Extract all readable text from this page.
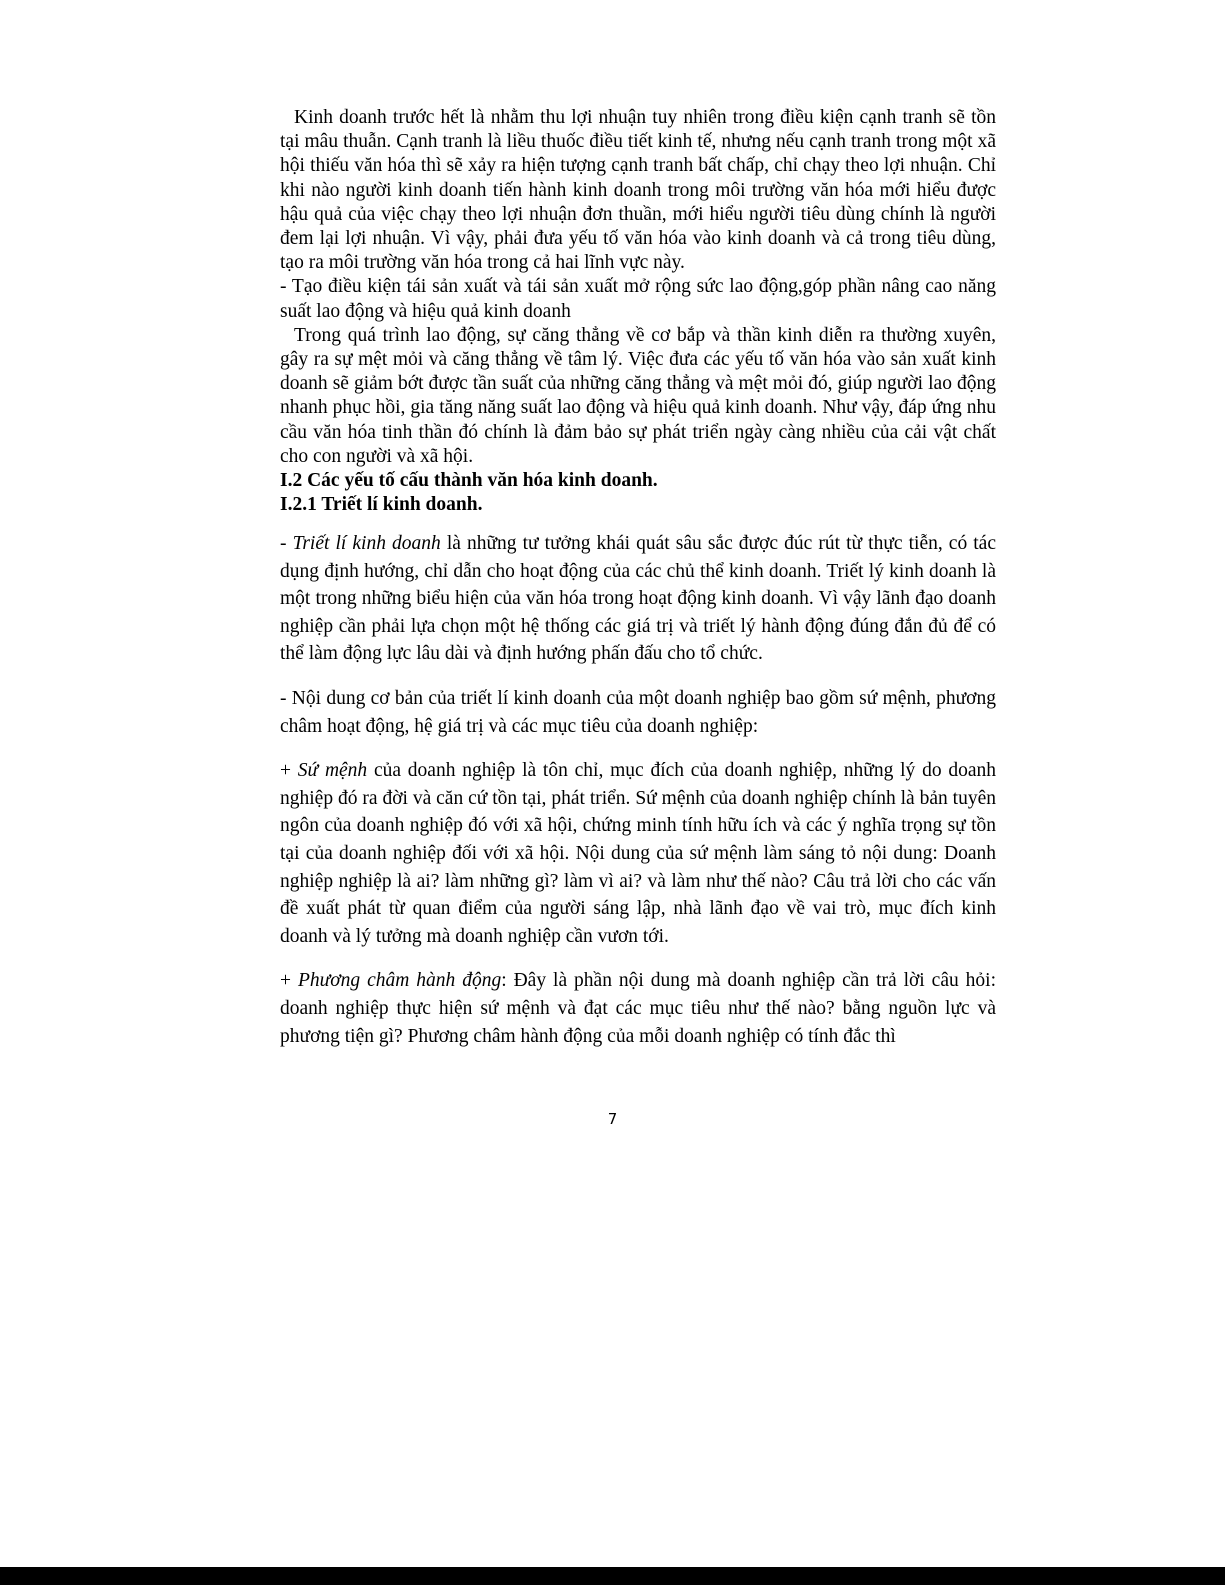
Kinh doanh trước hết là nhằm thu lợi nhuận tuy nhiên trong điều kiện cạnh tranh sẽ tồn tại mâu thuẫn. Cạnh tranh là liều thuốc điều tiết kinh tế, nhưng nếu cạnh tranh trong một xã hội thiếu văn hóa thì sẽ xảy ra hiện tượng cạnh tranh bất chấp, chỉ chạy theo lợi nhuận. Chỉ khi nào người kinh doanh tiến hành kinh doanh trong môi trường văn hóa mới hiểu được hậu quả của việc chạy theo lợi nhuận đơn thuần, mới hiểu người tiêu dùng chính là người đem lại lợi nhuận. Vì vậy, phải đưa yếu tố văn hóa vào kinh doanh và cả trong tiêu dùng, tạo ra môi trường văn hóa trong cả hai lĩnh vực này.

- Tạo điều kiện tái sản xuất và tái sản xuất mở rộng sức lao động,góp phần nâng cao năng suất lao động và hiệu quả kinh doanh

Trong quá trình lao động, sự căng thẳng về cơ bắp và thần kinh diễn ra thường xuyên, gây ra sự mệt mỏi và căng thẳng về tâm lý. Việc đưa các yếu tố văn hóa vào sản xuất kinh doanh sẽ giảm bớt được tần suất của những căng thẳng và mệt mỏi đó, giúp người lao động nhanh phục hồi, gia tăng năng suất lao động và hiệu quả kinh doanh. Như vậy, đáp ứng nhu cầu văn hóa tinh thần đó chính là đảm bảo sự phát triển ngày càng nhiều của cải vật chất cho con người và xã hội.

I.2 Các yếu tố cấu thành văn hóa kinh doanh.

I.2.1 Triết lí kinh doanh.

- Triết lí kinh doanh là những tư tưởng khái quát sâu sắc được đúc rút từ thực tiễn, có tác dụng định hướng, chỉ dẫn cho hoạt động của các chủ thể kinh doanh. Triết lý kinh doanh là một trong những biểu hiện của văn hóa trong hoạt động kinh doanh. Vì vậy lãnh đạo doanh nghiệp cần phải lựa chọn một hệ thống các giá trị và triết lý hành động đúng đắn đủ để có thể làm động lực lâu dài và định hướng phấn đấu cho tổ chức.

- Nội dung cơ bản của triết lí kinh doanh của một doanh nghiệp bao gồm sứ mệnh, phương châm hoạt động, hệ giá trị và các mục tiêu của doanh nghiệp:

+ Sứ mệnh của doanh nghiệp là tôn chỉ, mục đích của doanh nghiệp, những lý do doanh nghiệp đó ra đời và căn cứ tồn tại, phát triển. Sứ mệnh của doanh nghiệp chính là bản tuyên ngôn của doanh nghiệp đó với xã hội, chứng minh tính hữu ích và các ý nghĩa trọng sự tồn tại của doanh nghiệp đối với xã hội. Nội dung của sứ mệnh làm sáng tỏ nội dung: Doanh nghiệp nghiệp là ai? làm những gì? làm vì ai? và làm như thế nào? Câu trả lời cho các vấn đề xuất phát từ quan điểm của người sáng lập, nhà lãnh đạo về vai trò, mục đích kinh doanh và lý tưởng mà doanh nghiệp cần vươn tới.

+ Phương châm hành động: Đây là phần nội dung mà doanh nghiệp cần trả lời câu hỏi: doanh nghiệp thực hiện sứ mệnh và đạt các mục tiêu như thế nào? bằng nguồn lực và phương tiện gì? Phương châm hành động của mỗi doanh nghiệp có tính đắc thì

7
